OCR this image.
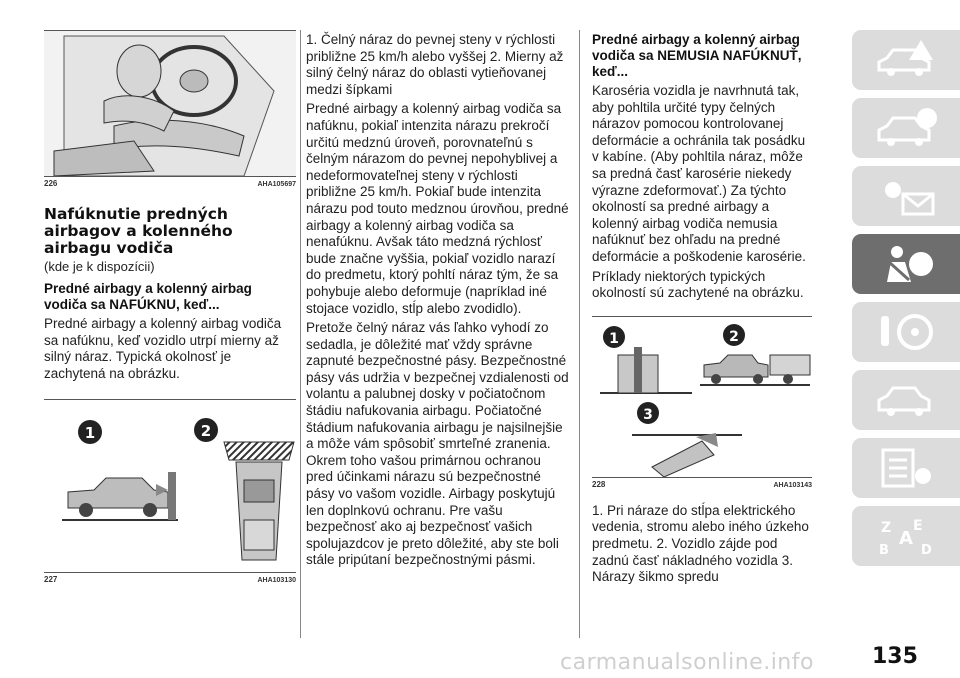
226	AHA105697
Nafúknutie predných airbagov a kolenného airbagu vodiča
(kde je k dispozícii)
Predné airbagy a kolenný airbag vodiča sa NAFÚKNU, keď...
Predné airbagy a kolenný airbag vodiča sa nafúknu, keď vozidlo utrpí mierny až silný náraz. Typická okolnosť je zachytená na obrázku.
1	2
227	AHA103130
1. Čelný náraz do pevnej steny v rýchlosti približne 25 km/h alebo vyššej 2. Mierny až silný čelný náraz do oblasti vytieňovanej medzi šípkami
Predné airbagy a kolenný airbag vodiča sa nafúknu, pokiaľ intenzita nárazu prekročí určitú medznú úroveň, porovnateľnú s čelným nárazom do pevnej nepohyblivej a nedeformovateľnej steny v rýchlosti približne 25 km/h. Pokiaľ bude intenzita nárazu pod touto medznou úrovňou, predné airbagy a kolenný airbag vodiča sa nenafúknu. Avšak táto medzná rýchlosť bude značne vyššia, pokiaľ vozidlo narazí do predmetu, ktorý pohltí náraz tým, že sa pohybuje alebo deformuje (napríklad iné stojace vozidlo, stĺp alebo zvodidlo).
Pretože čelný náraz vás ľahko vyhodí zo sedadla, je dôležité mať vždy správne zapnuté bezpečnostné pásy. Bezpečnostné pásy vás udržia v bezpečnej vzdialenosti od volantu a palubnej dosky v počiatočnom štádiu nafukovania airbagu. Počiatočné štádium nafukovania airbagu je najsilnejšie a môže vám spôsobiť smrteľné zranenia. Okrem toho vašou primárnou ochranou pred účinkami nárazu sú bezpečnostné pásy vo vašom vozidle. Airbagy poskytujú len doplnkovú ochranu. Pre vašu bezpečnosť ako aj bezpečnosť vašich spolujazdcov je preto dôležité, aby ste boli stále pripútaní bezpečnostnými pásmi.
Predné airbagy a kolenný airbag vodiča sa NEMUSIA NAFÚKNUŤ, keď...
Karoséria vozidla je navrhnutá tak, aby pohltila určité typy čelných nárazov pomocou kontrolovanej deformácie a ochránila tak posádku v kabíne. (Aby pohltila náraz, môže sa predná časť karosérie niekedy výrazne zdeformovať.) Za týchto okolností sa predné airbagy a kolenný airbag vodiča nemusia nafúknuť bez ohľadu na predné deformácie a poškodenie karosérie.
Príklady niektorých typických okolností sú zachytené na obrázku.
1	2
3
228	AHA103143
1. Pri náraze do stĺpa elektrického vedenia, stromu alebo iného úzkeho predmetu. 2. Vozidlo zájde pod zadnú časť nákladného vozidla 3. Nárazy šikmo spredu
Z E
A
B D
carmanualsonline.info	135
